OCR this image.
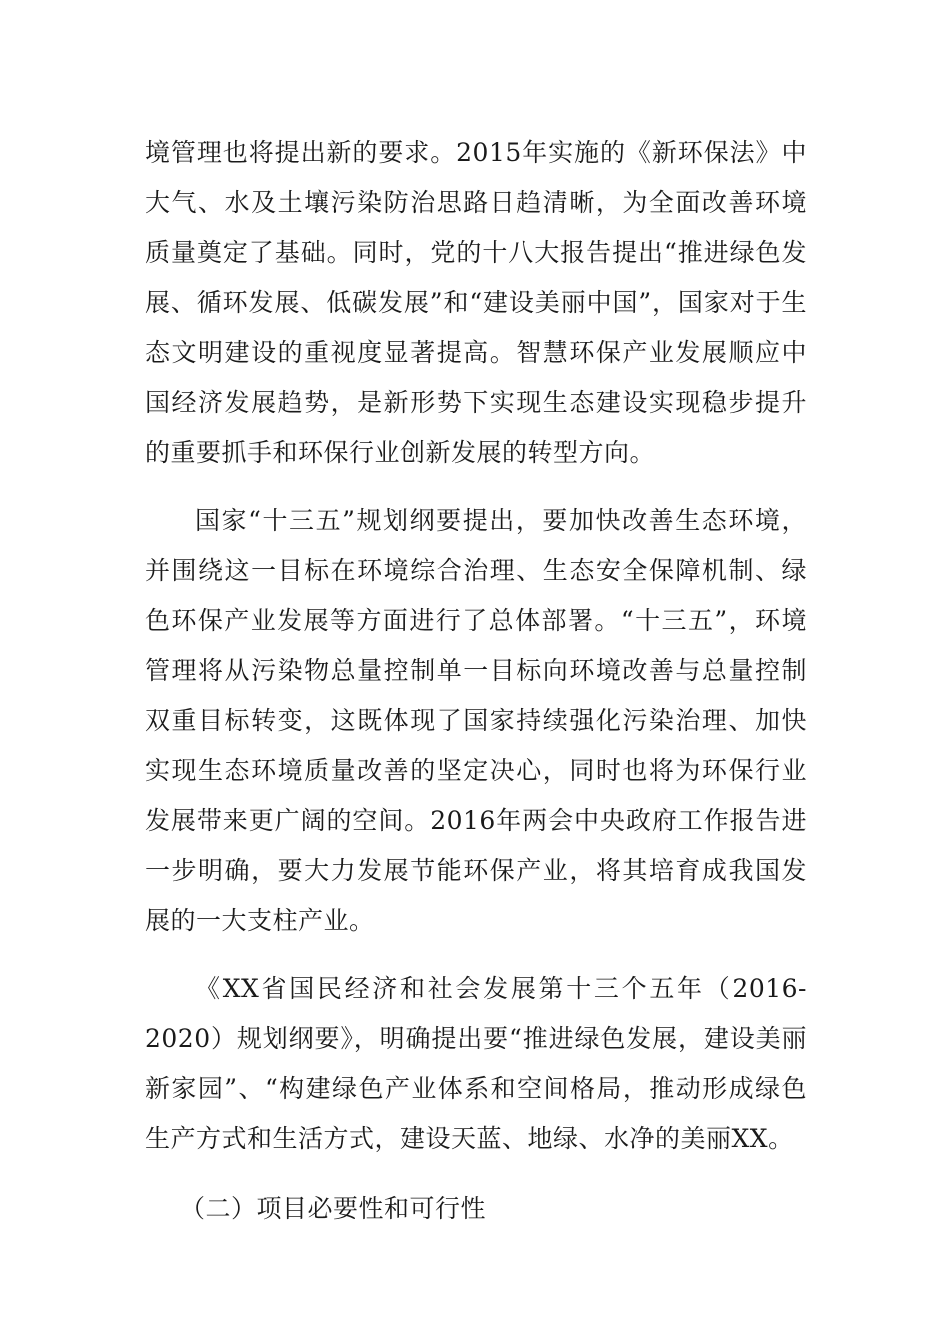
境管理也将提出新的要求。2015年实施的《新环保法》中大气、水及土壤污染防治思路日趋清晰，为全面改善环境质量奠定了基础。同时，党的十八大报告提出“推进绿色发展、循环发展、低碳发展”和“建设美丽中国”，国家对于生态文明建设的重视度显著提高。智慧环保产业发展顺应中国经济发展趋势，是新形势下实现生态建设实现稳步提升的重要抓手和环保行业创新发展的转型方向。

国家“十三五”规划纲要提出，要加快改善生态环境，并围绕这一目标在环境综合治理、生态安全保障机制、绿色环保产业发展等方面进行了总体部署。“十三五”，环境管理将从污染物总量控制单一目标向环境改善与总量控制双重目标转变，这既体现了国家持续强化污染治理、加快实现生态环境质量改善的坚定决心，同时也将为环保行业发展带来更广阔的空间。2016年两会中央政府工作报告进一步明确，要大力发展节能环保产业，将其培育成我国发展的一大支柱产业。

《XX省国民经济和社会发展第十三个五年（2016-2020）规划纲要》，明确提出要“推进绿色发展，建设美丽新家园”、“构建绿色产业体系和空间格局，推动形成绿色生产方式和生活方式，建设天蓝、地绿、水净的美丽XX。

（二）项目必要性和可行性
